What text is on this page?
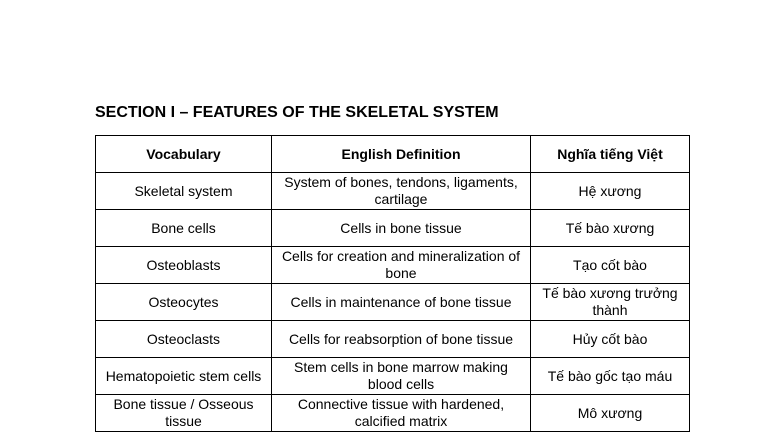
SECTION I – FEATURES OF THE SKELETAL SYSTEM
Vocabulary	English Definition	Nghĩa tiếng Việt
Skeletal system	System of bones, tendons, ligaments, cartilage	Hệ xương
Bone cells	Cells in bone tissue	Tế bào xương
Osteoblasts	Cells for creation and mineralization of bone	Tạo cốt bào
Osteocytes	Cells in maintenance of bone tissue	Tế bào xương trưởng thành
Osteoclasts	Cells for reabsorption of bone tissue	Hủy cốt bào
Hematopoietic stem cells	Stem cells in bone marrow making blood cells	Tế bào gốc tạo máu
Bone tissue / Osseous tissue	Connective tissue with hardened, calcified matrix	Mô xương
